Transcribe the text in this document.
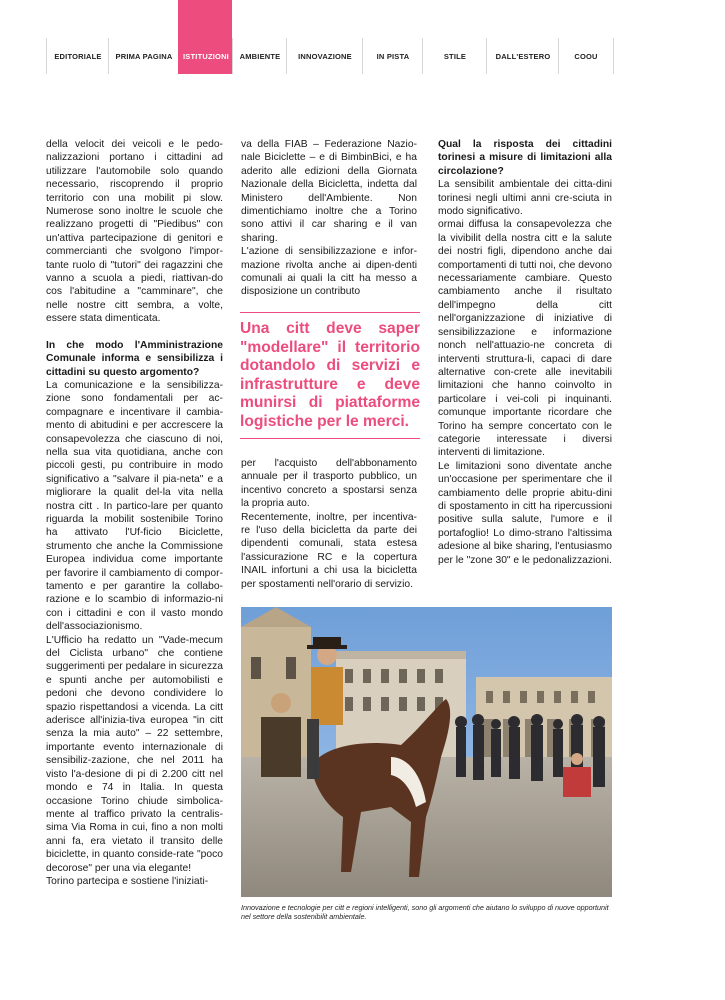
EDITORIALE	PRIMA PAGINA	ISTITUZIONI	AMBIENTE	INNOVAZIONE	IN PISTA	STILE	DALL'ESTERO	COOU

della velocit dei veicoli e le pedo-nalizzazioni portano i cittadini ad utilizzare l'automobile solo quando necessario, riscoprendo il proprio territorio con una mobilit pi slow. Numerose sono inoltre le scuole che realizzano progetti di "Piedibus" con un'attiva partecipazione di genitori e commercianti che svolgono l'impor-tante ruolo di "tutori" dei ragazzini che vanno a scuola a piedi, riattivan-do cos l'abitudine a "camminare", che nelle nostre citt sembra, a volte, essere stata dimenticata.

In che modo l'Amministrazione Comunale informa e sensibilizza i cittadini su questo argomento?

La comunicazione e la sensibilizza-zione sono fondamentali per ac-compagnare e incentivare il cambia-mento di abitudini e per accrescere la consapevolezza che ciascuno di noi, nella sua vita quotidiana, anche con piccoli gesti, pu contribuire in modo significativo a "salvare il pia-neta" e a migliorare la qualit del-la vita nella nostra citt . In partico-lare per quanto riguarda la mobilit sostenibile Torino ha attivato l'Uf-ficio Biciclette, strumento che anche la Commissione Europea individua come importante per favorire il cambiamento di compor-tamento e per garantire la collabo-razione e lo scambio di informazio-ni con i cittadini e con il vasto mondo dell'associazionismo.

L'Ufficio ha redatto un "Vade-mecum del Ciclista urbano" che contiene suggerimenti per pedalare in sicurezza e spunti anche per automobilisti e pedoni che devono condividere lo spazio rispettandosi a vicenda. La citt aderisce all'inizia-tiva europea "in citt senza la mia auto" – 22 settembre, importante evento internazionale di sensibiliz-zazione, che nel 2011 ha visto l'a-desione di pi di 2.200 citt nel mondo e 74 in Italia. In questa occasione Torino chiude simbolica-mente al traffico privato la centralis-sima Via Roma in cui, fino a non molti anni fa, era vietato il transito delle biciclette, in quanto conside-rate "poco decorose" per una via elegante!

Torino partecipa e sostiene l'iniziati-

va della FIAB – Federazione Nazio-nale Biciclette – e di BimbinBici, e ha aderito alle edizioni della Giornata Nazionale della Bicicletta, indetta dal Ministero dell'Ambiente. Non dimentichiamo inoltre che a Torino sono attivi il car sharing e il van sharing.

L'azione di sensibilizzazione e infor-mazione rivolta anche ai dipen-denti comunali ai quali la citt ha messo a disposizione un contributo

Una citt deve saper "modellare" il territorio dotandolo di servizi e infrastrutture e deve munirsi di piattaforme logistiche per le merci.

per l'acquisto dell'abbonamento annuale per il trasporto pubblico, un incentivo concreto a spostarsi senza la propria auto.

Recentemente, inoltre, per incentiva-re l'uso della bicicletta da parte dei dipendenti comunali, stata estesa l'assicurazione RC e la copertura INAIL infortuni a chi usa la bicicletta per spostamenti nell'orario di servizio.

Qual la risposta dei cittadini torinesi a misure di limitazioni alla circolazione?

La sensibilit ambientale dei citta-dini torinesi negli ultimi anni cre-sciuta in modo significativo.

ormai diffusa la consapevolezza che la vivibilit della nostra citt e la salute dei nostri figli, dipendono anche dai comportamenti di tutti noi, che devono necessariamente cambiare. Questo cambiamento anche il risultato dell'impegno della citt nell'organizzazione di iniziative di sensibilizzazione e informazione nonch nell'attuazio-ne concreta di interventi struttura-li, capaci di dare alternative con-crete alle inevitabili limitazioni che hanno coinvolto in particolare i vei-coli pi inquinanti. comunque importante ricordare che Torino ha sempre concertato con le categorie interessate i diversi interventi di limitazione.

Le limitazioni sono diventate anche un'occasione per sperimentare che il cambiamento delle proprie abitu-dini di spostamento in citt ha ripercussioni positive sulla salute, l'umore e il portafoglio! Lo dimo-strano l'altissima adesione al bike sharing, l'entusiasmo per le "zone 30" e le pedonalizzazioni.

Innovazione e tecnologie per citt e regioni intelligenti, sono gli argomenti che aiutano lo sviluppo di nuove opportunit nel settore della sostenibilit ambientale.
